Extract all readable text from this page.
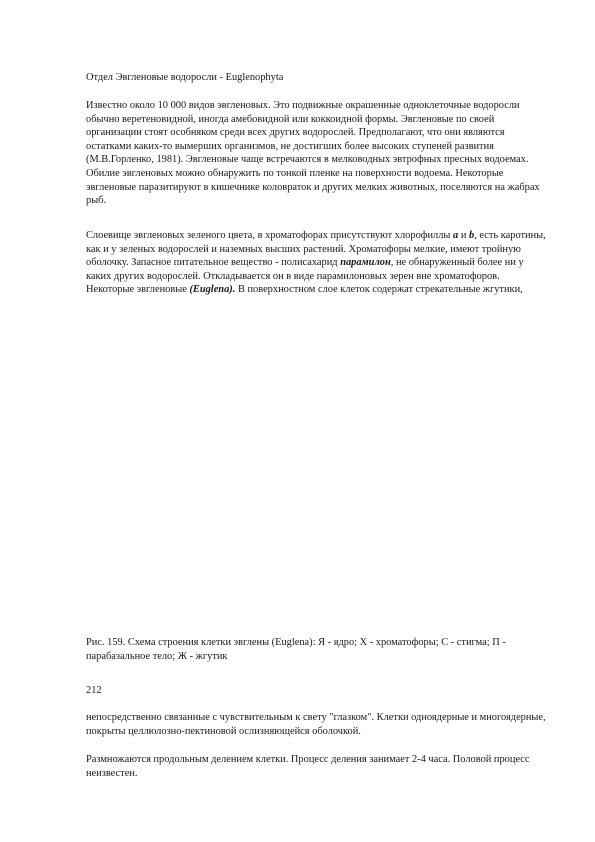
Отдел Эвгленовые водоросли - Euglenophyta

Известно около 10 000 видов эвгленовых. Это подвижные окрашенные одноклеточные водоросли обычно веретеновидной, иногда амебовидной или коккоидной формы. Эвгленовые по своей организации стоят особняком среди всех других водорослей. Предполагают, что они являются остатками каких-то вымерших организмов, не достигших более высоких ступеней развития (М.В.Горленко, 1981). Эвгленовые чаще встречаются в мелководных эвтрофных пресных водоемах. Обилие эвгленовых можно обнаружить по тонкой пленке на поверхности водоема. Некоторые эвгленовые паразитируют в кишечнике коловраток и других мелких животных, поселяются на жабрах рыб.

Слоевище эвгленовых зеленого цвета, в хроматофорах присутствуют хлорофиллы а и b, есть каротины, как и у зеленых водорослей и наземных высших растений. Хроматофоры мелкие, имеют тройную оболочку. Запасное питательное вещество - полисахарид парамилон, не обнаруженный более ни у каких других водорослей. Откладывается он в виде парамилоновых зерен вне хроматофоров. Некоторые эвгленовые (Euglena). В поверхностном слое клеток содержат стрекательные жгутики,

Рис. 159. Схема строения клетки эвглены (Euglena): Я - ядро; Х - хроматофоры; С - стигма; П - парабазальное тело; Ж - жгутик

212

непосредственно связанные с чувствительным к свету "глазком". Клетки одноядерные и многоядерные, покрыты целлюлозно-пектиновой ослизняющейся оболочкой.

Размножаются продольным делением клетки. Процесс деления занимает 2-4 часа. Половой процесс неизвестен.
